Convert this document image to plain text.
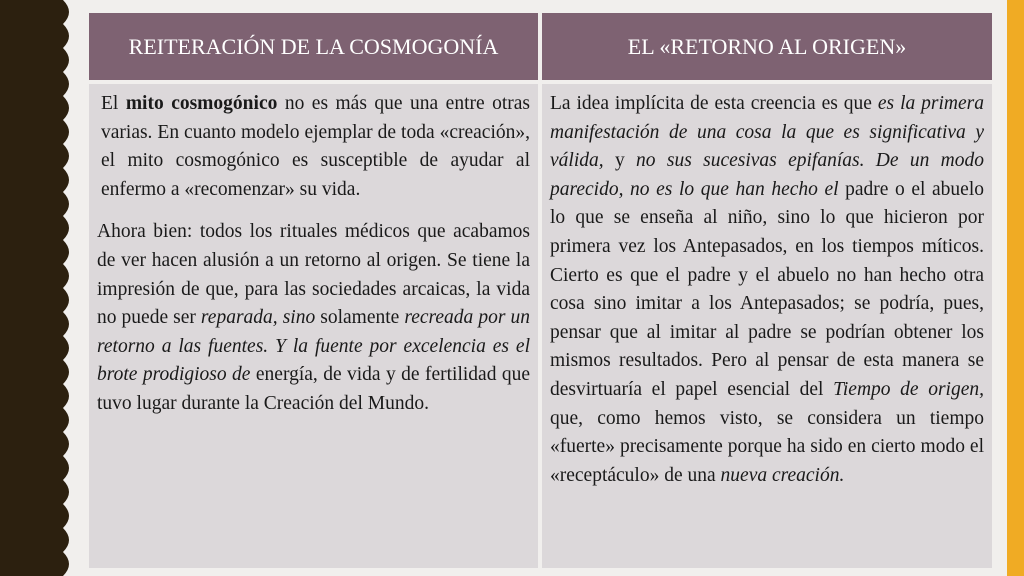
REITERACIÓN DE LA COSMOGONÍA	EL «RETORNO AL ORIGEN»

El mito cosmogónico no es más que una entre otras varias. En cuanto modelo ejemplar de toda «creación», el mito cosmogónico es susceptible de ayudar al enfermo a «recomenzar» su vida.

Ahora bien: todos los rituales médicos que acabamos de ver hacen alusión a un retorno al origen. Se tiene la impresión de que, para las sociedades arcaicas, la vida no puede ser reparada, sino solamente recreada por un retorno a las fuentes. Y la fuente por excelencia es el brote prodigioso de energía, de vida y de fertilidad que tuvo lugar durante la Creación del Mundo.

La idea implícita de esta creencia es que es la primera manifestación de una cosa la que es significativa y válida, y no sus sucesivas epifanías. De un modo parecido, no es lo que han hecho el padre o el abuelo lo que se enseña al niño, sino lo que hicieron por primera vez los Antepasados, en los tiempos míticos. Cierto es que el padre y el abuelo no han hecho otra cosa sino imitar a los Antepasados; se podría, pues, pensar que al imitar al padre se podrían obtener los mismos resultados. Pero al pensar de esta manera se desvirtuaría el papel esencial del Tiempo de origen, que, como hemos visto, se considera un tiempo «fuerte» precisamente porque ha sido en cierto modo el «receptáculo» de una nueva creación.
